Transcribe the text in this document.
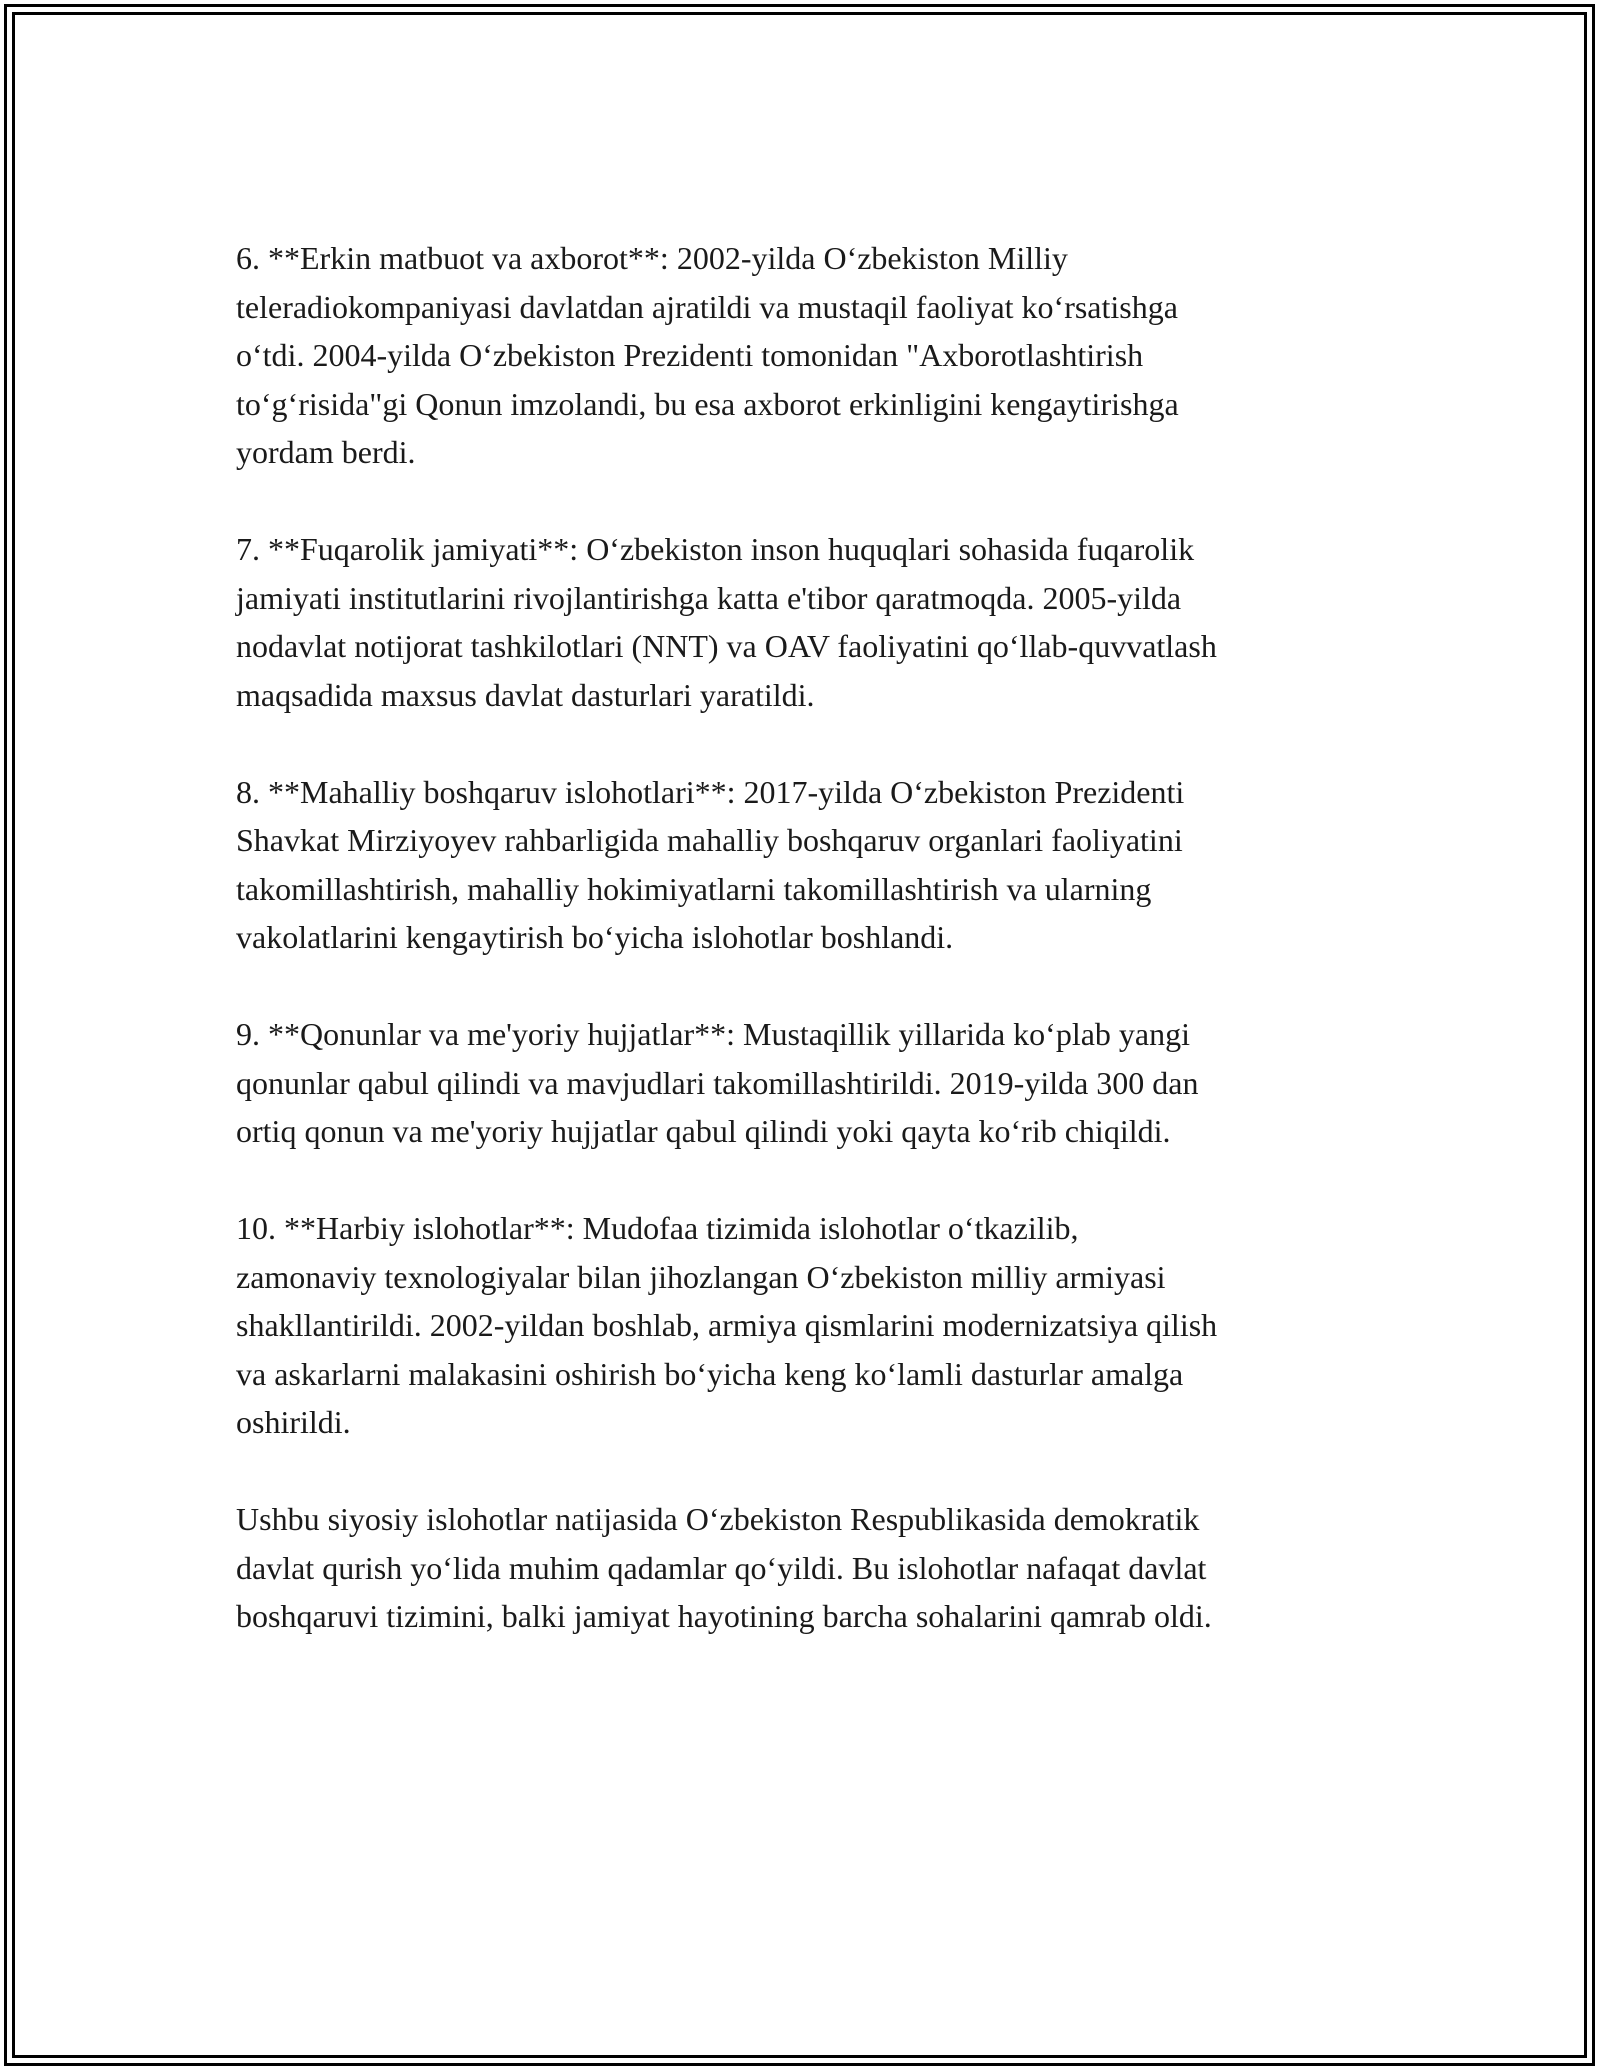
6. **Erkin matbuot va axborot**: 2002-yilda O‘zbekiston Milliy
teleradiokompaniyasi davlatdan ajratildi va mustaqil faoliyat ko‘rsatishga
o‘tdi. 2004-yilda O‘zbekiston Prezidenti tomonidan "Axborotlashtirish
to‘g‘risida"gi Qonun imzolandi, bu esa axborot erkinligini kengaytirishga
yordam berdi.

7. **Fuqarolik jamiyati**: O‘zbekiston inson huquqlari sohasida fuqarolik
jamiyati institutlarini rivojlantirishga katta e'tibor qaratmoqda. 2005-yilda
nodavlat notijorat tashkilotlari (NNT) va OAV faoliyatini qo‘llab-quvvatlash
maqsadida maxsus davlat dasturlari yaratildi.

8. **Mahalliy boshqaruv islohotlari**: 2017-yilda O‘zbekiston Prezidenti
Shavkat Mirziyoyev rahbarligida mahalliy boshqaruv organlari faoliyatini
takomillashtirish, mahalliy hokimiyatlarni takomillashtirish va ularning
vakolatlarini kengaytirish bo‘yicha islohotlar boshlandi.

9. **Qonunlar va me'yoriy hujjatlar**: Mustaqillik yillarida ko‘plab yangi
qonunlar qabul qilindi va mavjudlari takomillashtirildi. 2019-yilda 300 dan
ortiq qonun va me'yoriy hujjatlar qabul qilindi yoki qayta ko‘rib chiqildi.

10. **Harbiy islohotlar**: Mudofaa tizimida islohotlar o‘tkazilib,
zamonaviy texnologiyalar bilan jihozlangan O‘zbekiston milliy armiyasi
shakllantirildi. 2002-yildan boshlab, armiya qismlarini modernizatsiya qilish
va askarlarni malakasini oshirish bo‘yicha keng ko‘lamli dasturlar amalga
oshirildi.

Ushbu siyosiy islohotlar natijasida O‘zbekiston Respublikasida demokratik
davlat qurish yo‘lida muhim qadamlar qo‘yildi. Bu islohotlar nafaqat davlat
boshqaruvi tizimini, balki jamiyat hayotining barcha sohalarini qamrab oldi.
